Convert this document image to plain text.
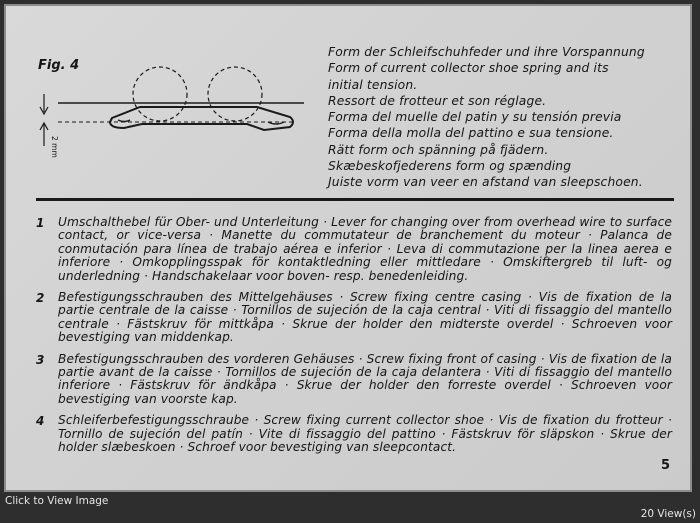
Fig. 4
2 mm
Form der Schleifschuhfeder und ihre Vorspannung
Form of current collector shoe spring and its
initial tension.
Ressort de frotteur et son réglage.
Forma del muelle del patin y su tensión previa
Forma della molla del pattino e sua tensione.
Rätt form och spänning på fjädern.
Skæbeskofjederens form og spænding
Juiste vorm van veer en afstand van sleepschoen.
1 Umschalthebel für Ober- und Unterleitung · Lever for changing over from overhead wire to surface contact, or vice-versa · Manette du commutateur de branchement du moteur · Palanca de conmutación para línea de trabajo aérea e inferior · Leva di commutazione per la linea aerea e inferiore · Omkopplingsspak för kontaktledning eller mittledare · Omskiftergreb til luft- og underledning · Handschakelaar voor boven- resp. benedenleiding.
2 Befestigungsschrauben des Mittelgehäuses · Screw fixing centre casing · Vis de fixation de la partie centrale de la caisse · Tornillos de sujeción de la caja central · Viti di fissaggio del mantello centrale · Fästskruv för mittkåpa · Skrue der holder den midterste overdel · Schroeven voor bevestiging van middenkap.
3 Befestigungsschrauben des vorderen Gehäuses · Screw fixing front of casing · Vis de fixation de la partie avant de la caisse · Tornillos de sujeción de la caja delantera · Viti di fissaggio del mantello inferiore · Fästskruv för ändkåpa · Skrue der holder den forreste overdel · Schroeven voor bevestiging van voorste kap.
4 Schleiferbefestigungsschraube · Screw fixing current collector shoe · Vis de fixation du frotteur · Tornillo de sujeción del patín · Vite di fissaggio del pattino · Fästskruv för släpskon · Skrue der holder slæbeskoen · Schroef voor bevestiging van sleepcontact.
5
Click to View Image
20 View(s)
